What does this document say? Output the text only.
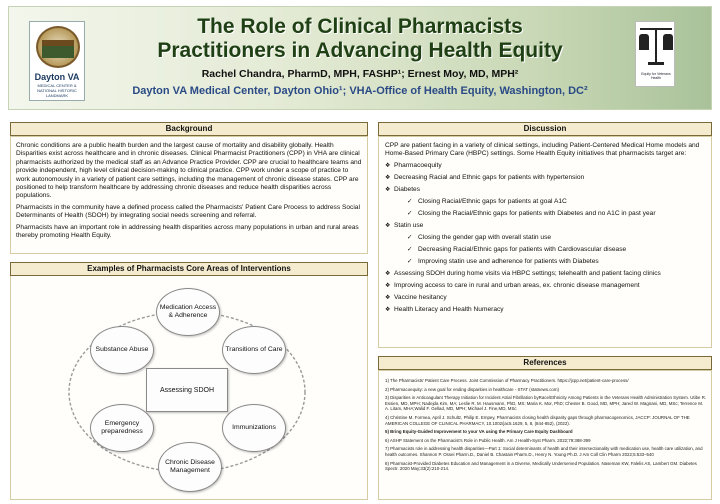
Dayton VA
MEDICAL CENTER & NATIONAL HISTORIC LANDMARK
Equity for Veterans Health
The Role of Clinical Pharmacists
Practitioners in Advancing Health Equity
Rachel Chandra, PharmD, MPH, FASHP¹; Ernest Moy, MD, MPH²
Dayton VA Medical Center, Dayton Ohio¹; VHA-Office of Health Equity, Washington, DC²
Background

Chronic conditions are a public health burden and the largest cause of mortality and disability globally. Health Disparities exist across healthcare and in chronic diseases. Clinical Pharmacist Practitioners (CPP) in VHA are clinical pharmacists authorized by the medical staff as an Advance Practice Provider. CPP are crucial to healthcare teams and provide independent, high level clinical decision-making to clinical practice. CPP work under a scope of practice to work autonomously in a variety of patient care settings, including the management of chronic disease states. CPP are positioned to help transform healthcare by addressing chronic diseases and reduce health disparities across populations.

Pharmacists in the community have a defined process called the Pharmacists' Patient Care Process to address Social Determinants of Health (SDOH) by integrating social needs screening and referral.

Pharmacists have an important role in addressing health disparities across many populations in urban and rural areas thereby promoting Health Equity.

Examples of Pharmacists Core Areas of Interventions
Medication Access & Adherence
Substance Abuse	Transitions of Care
Emergency preparedness
Immunizations
Chronic Disease Management
Assessing SDOH
Discussion

CPP are patient facing in a variety of clinical settings, including Patient-Centered Medical Home models and Home-Based Primary Care (HBPC) settings. Some Health Equity initiatives that pharmacists target are:

❖ Pharmacoequity
❖ Decreasing Racial and Ethnic gaps for patients with hypertension
❖ Diabetes
✓ Closing Racial/Ethnic gaps for patients at goal A1C
✓ Closing the Racial/Ethnic gaps for patients with Diabetes and no A1C in past year
❖ Statin use
✓ Closing the gender gap with overall statin use
✓ Decreasing Racial/Ethnic gaps for patients with Cardiovascular disease
✓ Improving statin use and adherence for patients with Diabetes
❖ Assessing SDOH during home visits via HBPC settings; telehealth and patient facing clinics
❖ Improving access to care in rural and urban areas, ex. chronic disease management
❖ Vaccine hesitancy
❖ Health Literacy and Health Numeracy
References
1) The Pharmacists' Patient Care Process. Joint Commission of Pharmacy Practitioners. https://jcpp.net/patient-care-process/
2) Pharmacoequity: a new goal for ending disparities in healthcare - STAT (statnews.com)
3) Disparities in Anticoagulant Therapy Initiation for Incident Atrial Fibrillation byRace/Ethnicity Among Patients in the Veterans Health Administration System. Utibe R. Essien, MD, MPH; Nadejda Kim, MA; Leslie R. M. Hausmann, PhD, MS; Maria K. Mor, PhD; Chester B. Good, MD, MPH; Jared W. Magnani, MD, MSc; Terrence M. A. Litam, MHA;Walid F. Gellad, MD, MPH; Michael J. Fine,MD, MSc
4) Christine M. Formea, April J. Schultz, Philip E. Empey, Pharmacists closing health disparity gaps through pharmacogenomics, JACCP: JOURNAL OF THE AMERICAN COLLEGE OF CLINICAL PHARMACY, 10.1002/jac5.1629, 5, 8, (844-852), (2022).
5) Bring Equity-Guided Improvement to your VA using the Primary Care Equity Dashboard
6) ASHP Statement on the Pharmacist's Role in Public Health. Am J Health-Syst Pharm. 2022;79:388-399
7) Pharmacists role in addressing health disparities—Part 1: Social determinants of health and their intersectionality with medication use, health care utilization, and health outcomes. Shannon P. Ossei Pharm.D., Daniel B. Chastain Pharm.D., Henry N. Young Ph.D. J Am Coll Clin Pharm 2022;5:533–540
8) Pharmacist-Provided Diabetes Education and Management in a Diverse, Medically Underserved Population. Naseman KW, Falelis AS, Lambert GM. Diabetes Spectr. 2020 May;33(2):210-214.
